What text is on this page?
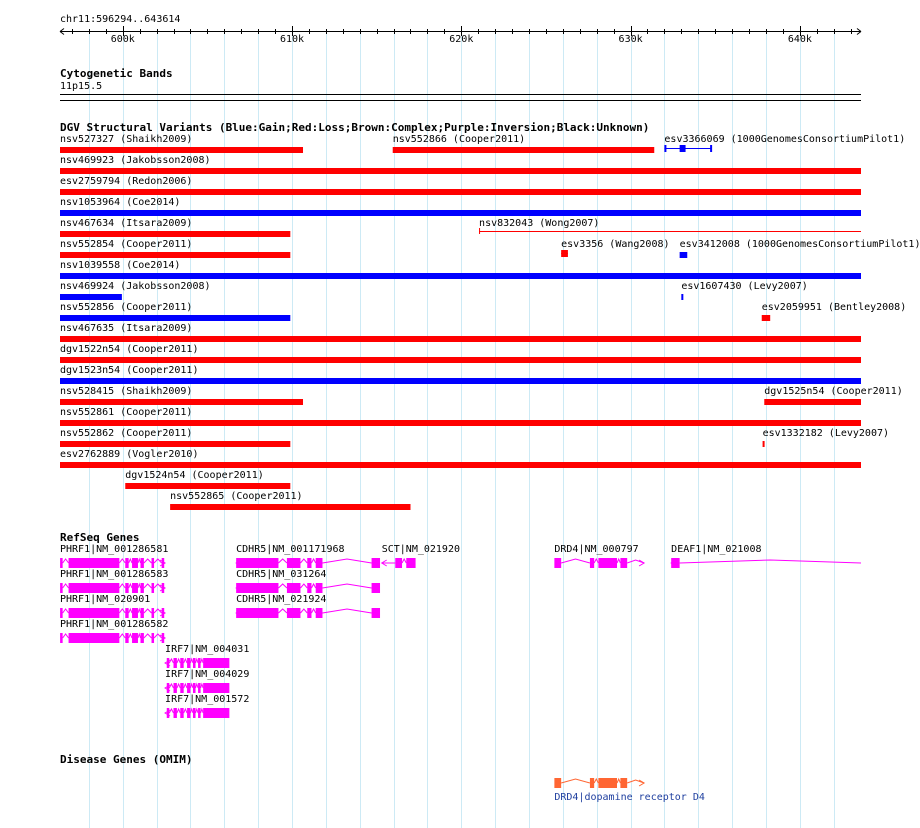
chr11:596294..643614
Cytogenetic Bands
11p15.5
DGV Structural Variants (Blue:Gain;Red:Loss;Brown:Complex;Purple:Inversion;Black:Unknown)
RefSeq Genes
Disease Genes (OMIM)
600k	610k	620k	630k	640k
nsv527327 (Shaikh2009)	nsv552866 (Cooper2011)	esv3366069 (1000GenomesConsortiumPilot1)
nsv469923 (Jakobsson2008)
esv2759794 (Redon2006)
nsv1053964 (Coe2014)
nsv467634 (Itsara2009)	nsv832043 (Wong2007)
nsv552854 (Cooper2011)	esv3356 (Wang2008) esv3412008 (1000GenomesConsortiumPilot1)
nsv1039558 (Coe2014)
nsv469924 (Jakobsson2008)	esv1607430 (Levy2007)
nsv552856 (Cooper2011)	esv2059951 (Bentley2008)
nsv467635 (Itsara2009)
dgv1522n54 (Cooper2011)
dgv1523n54 (Cooper2011)
nsv528415 (Shaikh2009)	dgv1525n54 (Cooper2011)
nsv552861 (Cooper2011)
nsv552862 (Cooper2011)	esv1332182 (Levy2007)
esv2762889 (Vogler2010)
dgv1524n54 (Cooper2011)
nsv552865 (Cooper2011)
PHRF1|NM_001286581	CDHR5|NM_001171968	SCT|NM_021920	DRD4|NM_000797	DEAF1|NM_021008
PHRF1|NM_001286583	CDHR5|NM_031264
PHRF1|NM_020901	CDHR5|NM_021924
PHRF1|NM_001286582
IRF7|NM_004031
IRF7|NM_004029
IRF7|NM_001572
DRD4|dopamine receptor D4
